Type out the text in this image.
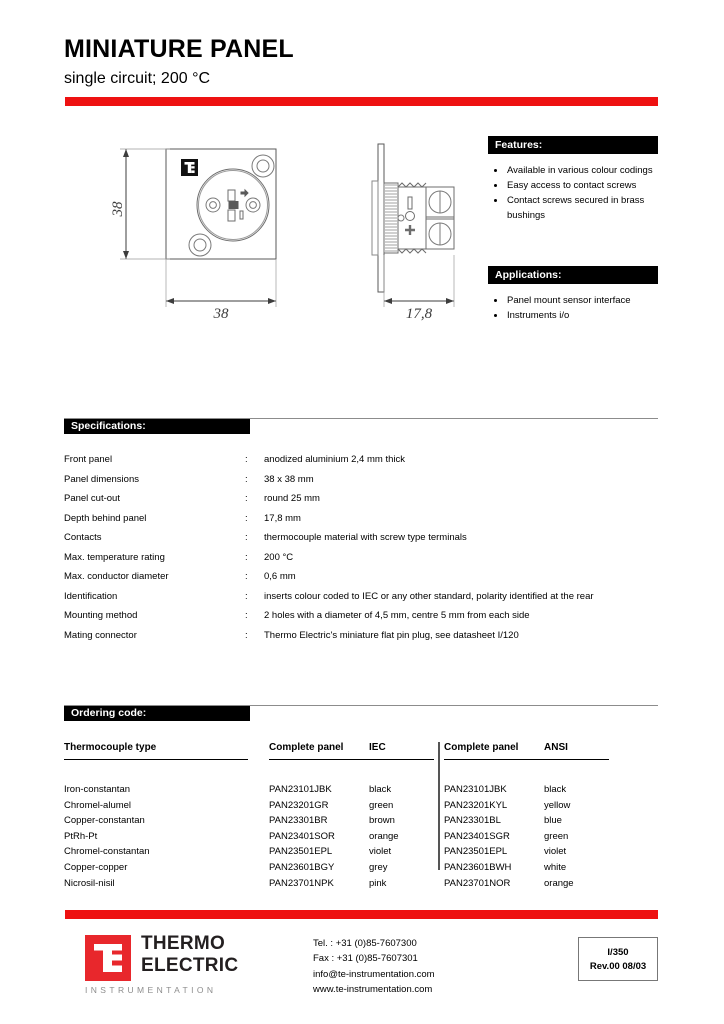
MINIATURE PANEL
single circuit; 200 °C
38
38	17,8
Features:
• Available in various colour codings
• Easy access to contact screws
• Contact screws secured in brass bushings
Applications:
• Panel mount sensor interface
• Instruments i/o
Specifications:
Front panel	: anodized aluminium 2,4 mm thick
Panel dimensions	: 38 x 38 mm
Panel cut-out	: round 25 mm
Depth behind panel	: 17,8 mm
Contacts	: thermocouple material with screw type terminals
Max. temperature rating	: 200 °C
Max. conductor diameter	: 0,6 mm
Identification	: inserts colour coded to IEC or any other standard, polarity identified at the rear
Mounting method	: 2 holes with a diameter of 4,5 mm, centre 5 mm from each side
Mating connector	: Thermo Electric's miniature flat pin plug, see datasheet I/120
Ordering code:
Thermocouple type	Complete panel	IEC	Complete panel	ANSI
Iron-constantan	PAN23101JBK	black	PAN23101JBK	black
Chromel-alumel	PAN23201GR	green	PAN23201KYL	yellow
Copper-constantan	PAN23301BR	brown	PAN23301BL	blue
PtRh-Pt	PAN23401SOR	orange	PAN23401SGR	green
Chromel-constantan	PAN23501EPL	violet	PAN23501EPL	violet
Copper-copper	PAN23601BGY	grey	PAN23601BWH	white
Nicrosil-nisil	PAN23701NPK	pink	PAN23701NOR	orange
THERMO
ELECTRIC
INSTRUMENTATION
Tel. : +31 (0)85-7607300
Fax : +31 (0)85-7607301
info@te-instrumentation.com
www.te-instrumentation.com
I/350
Rev.00 08/03
